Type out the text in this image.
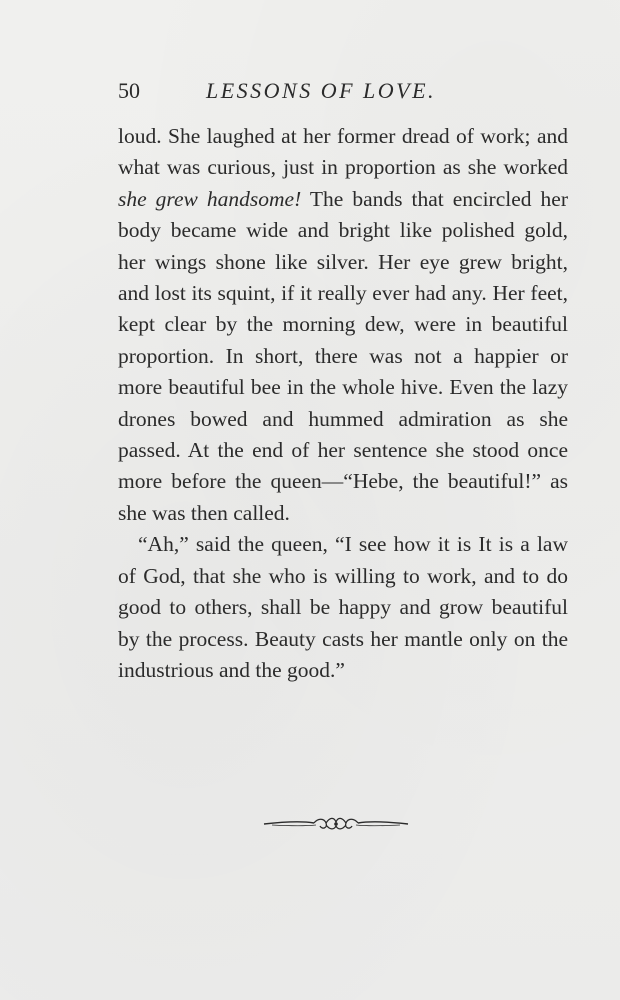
50	LESSONS OF LOVE.

loud. She laughed at her former dread of work; and what was curious, just in proportion as she worked she grew handsome! The bands that encircled her body became wide and bright like polished gold, her wings shone like silver. Her eye grew bright, and lost its squint, if it really ever had any. Her feet, kept clear by the morning dew, were in beautiful proportion. In short, there was not a happier or more beautiful bee in the whole hive. Even the lazy drones bowed and hummed admiration as she passed. At the end of her sentence she stood once more before the queen—“Hebe, the beautiful!” as she was then called.

“Ah,” said the queen, “I see how it is It is a law of God, that she who is willing to work, and to do good to others, shall be happy and grow beautiful by the process. Beauty casts her mantle only on the industrious and the good.”
